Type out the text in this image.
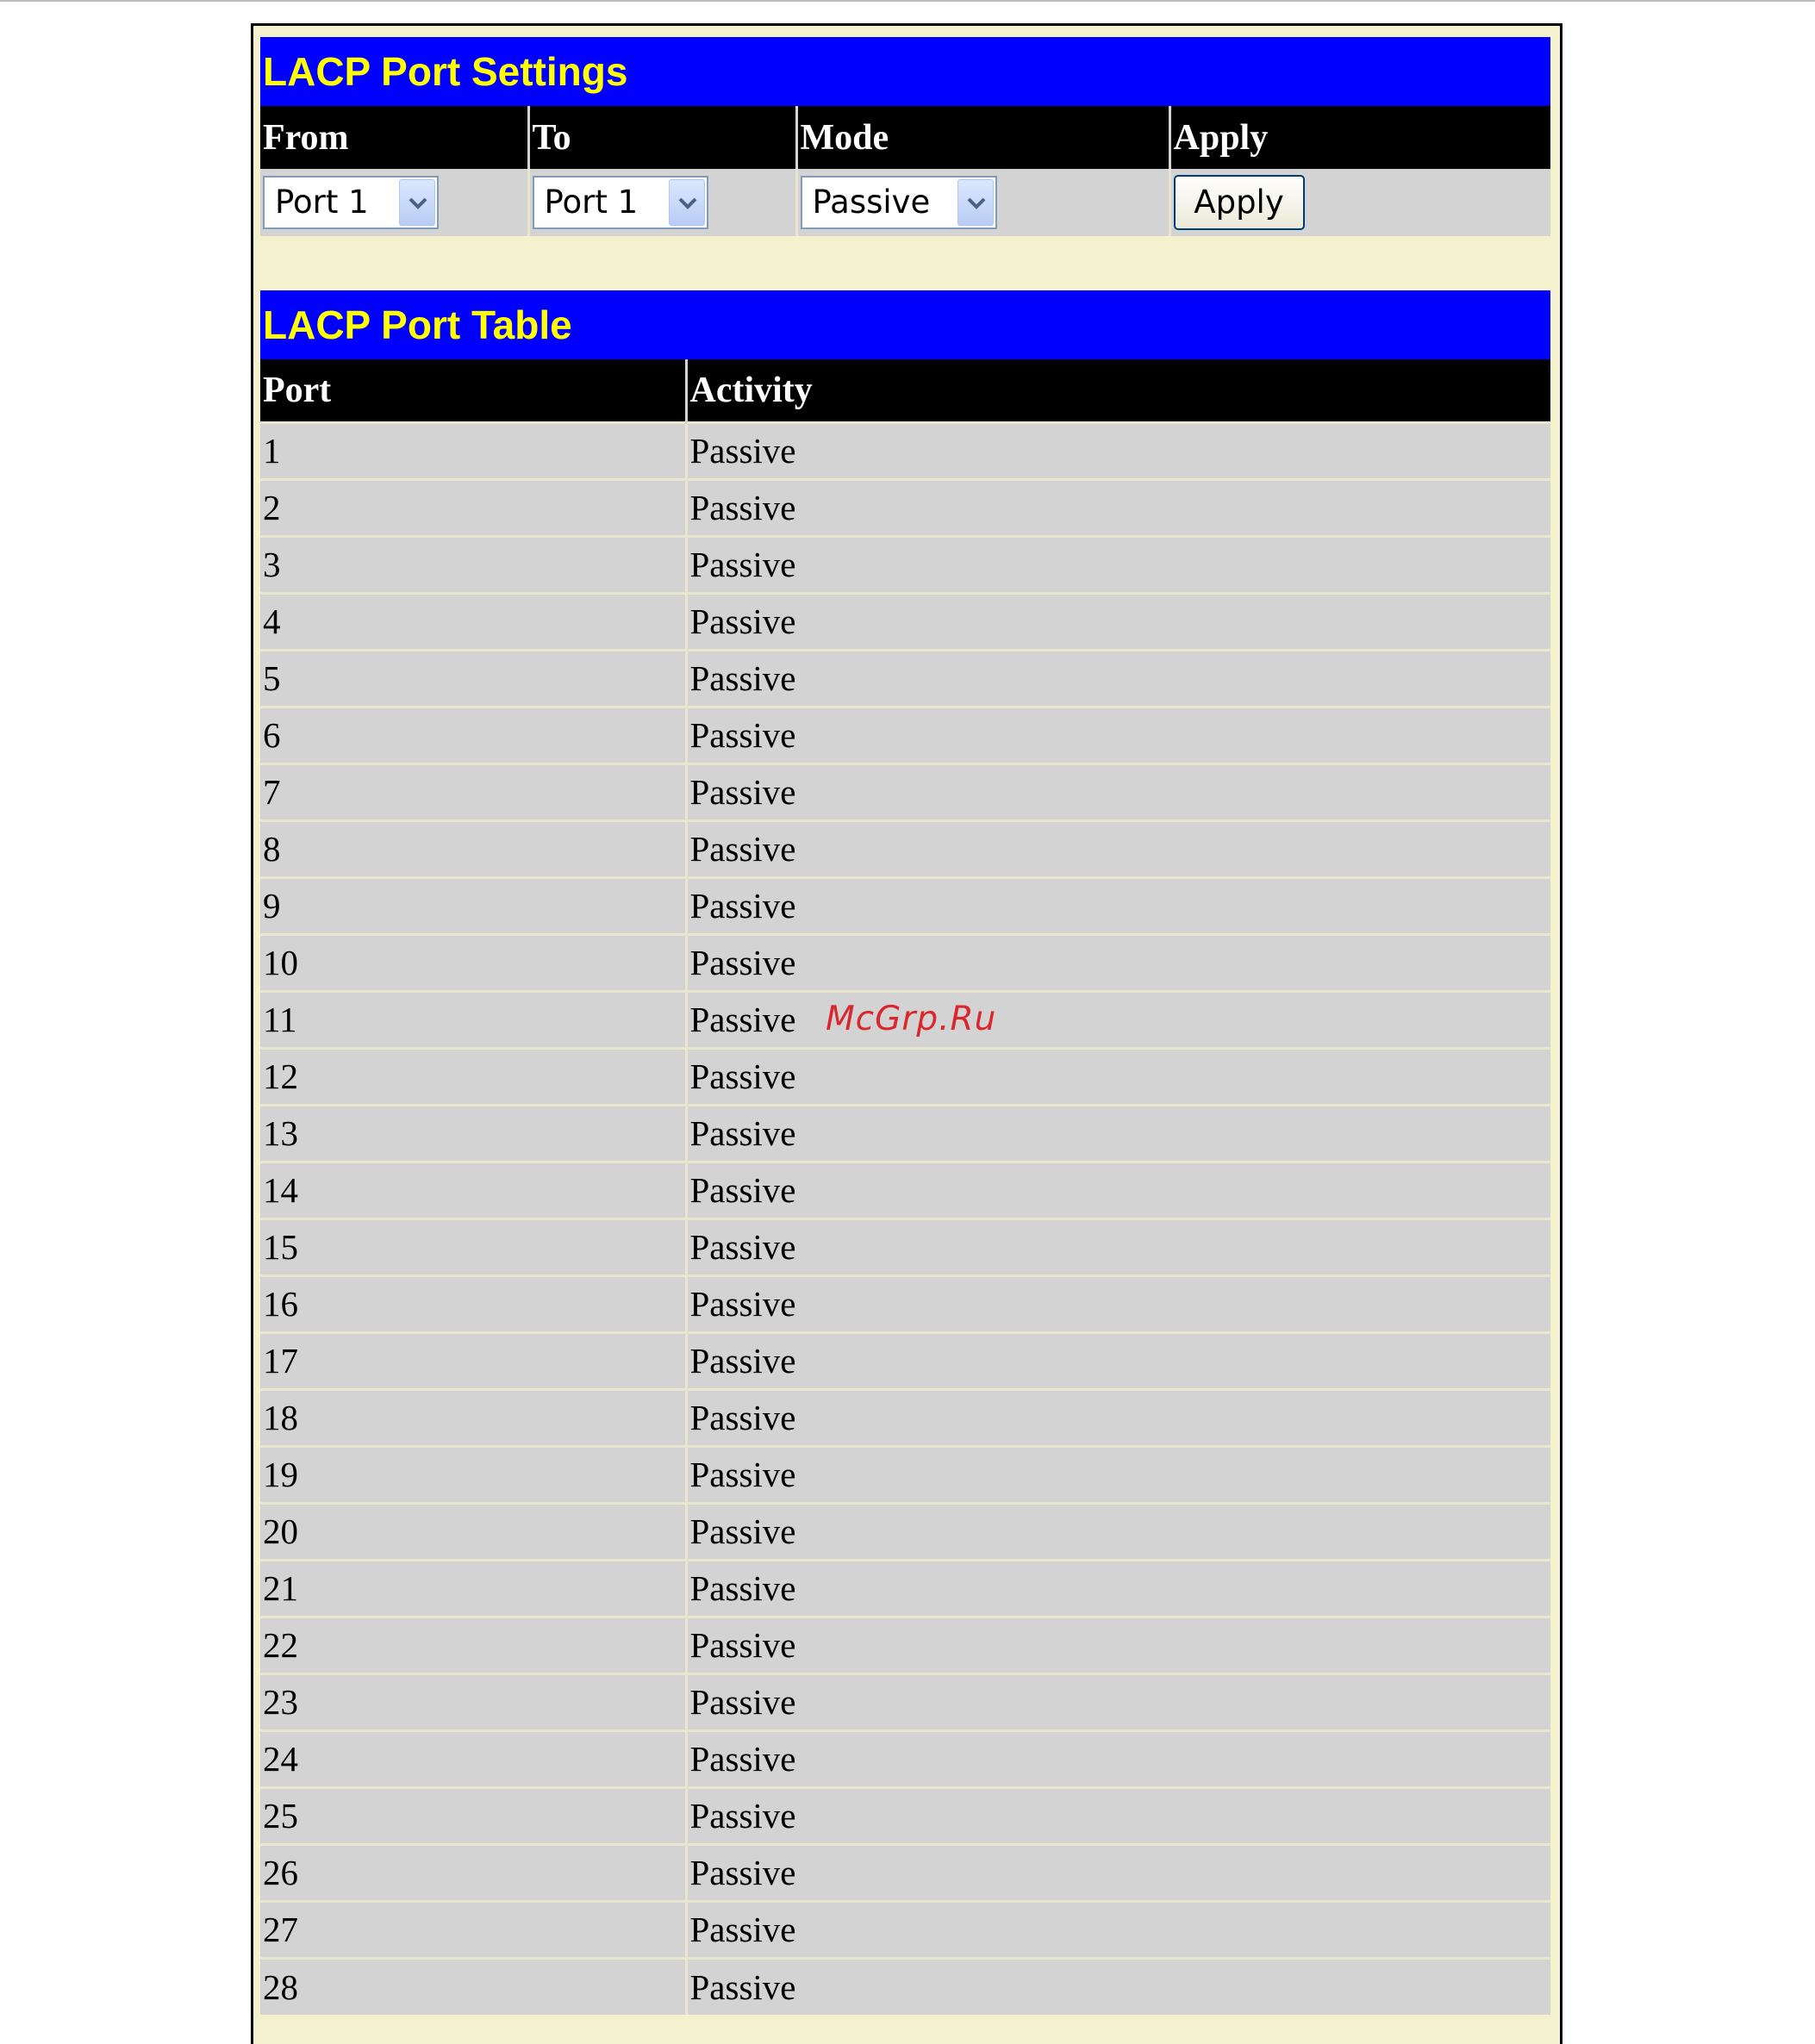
LACP Port Settings
From	To	Mode	Apply
Port 1	Port 1	Passive	Apply
LACP Port Table
Port	Activity
1	Passive
2	Passive
3	Passive
4	Passive
5	Passive
6	Passive
7	Passive
8	Passive
9	Passive
10	Passive
11	Passive
12	Passive
13	Passive
14	Passive
15	Passive
16	Passive
17	Passive
18	Passive
19	Passive
20	Passive
21	Passive
22	Passive
23	Passive
24	Passive
25	Passive
26	Passive
27	Passive
28	Passive
McGrp.Ru
